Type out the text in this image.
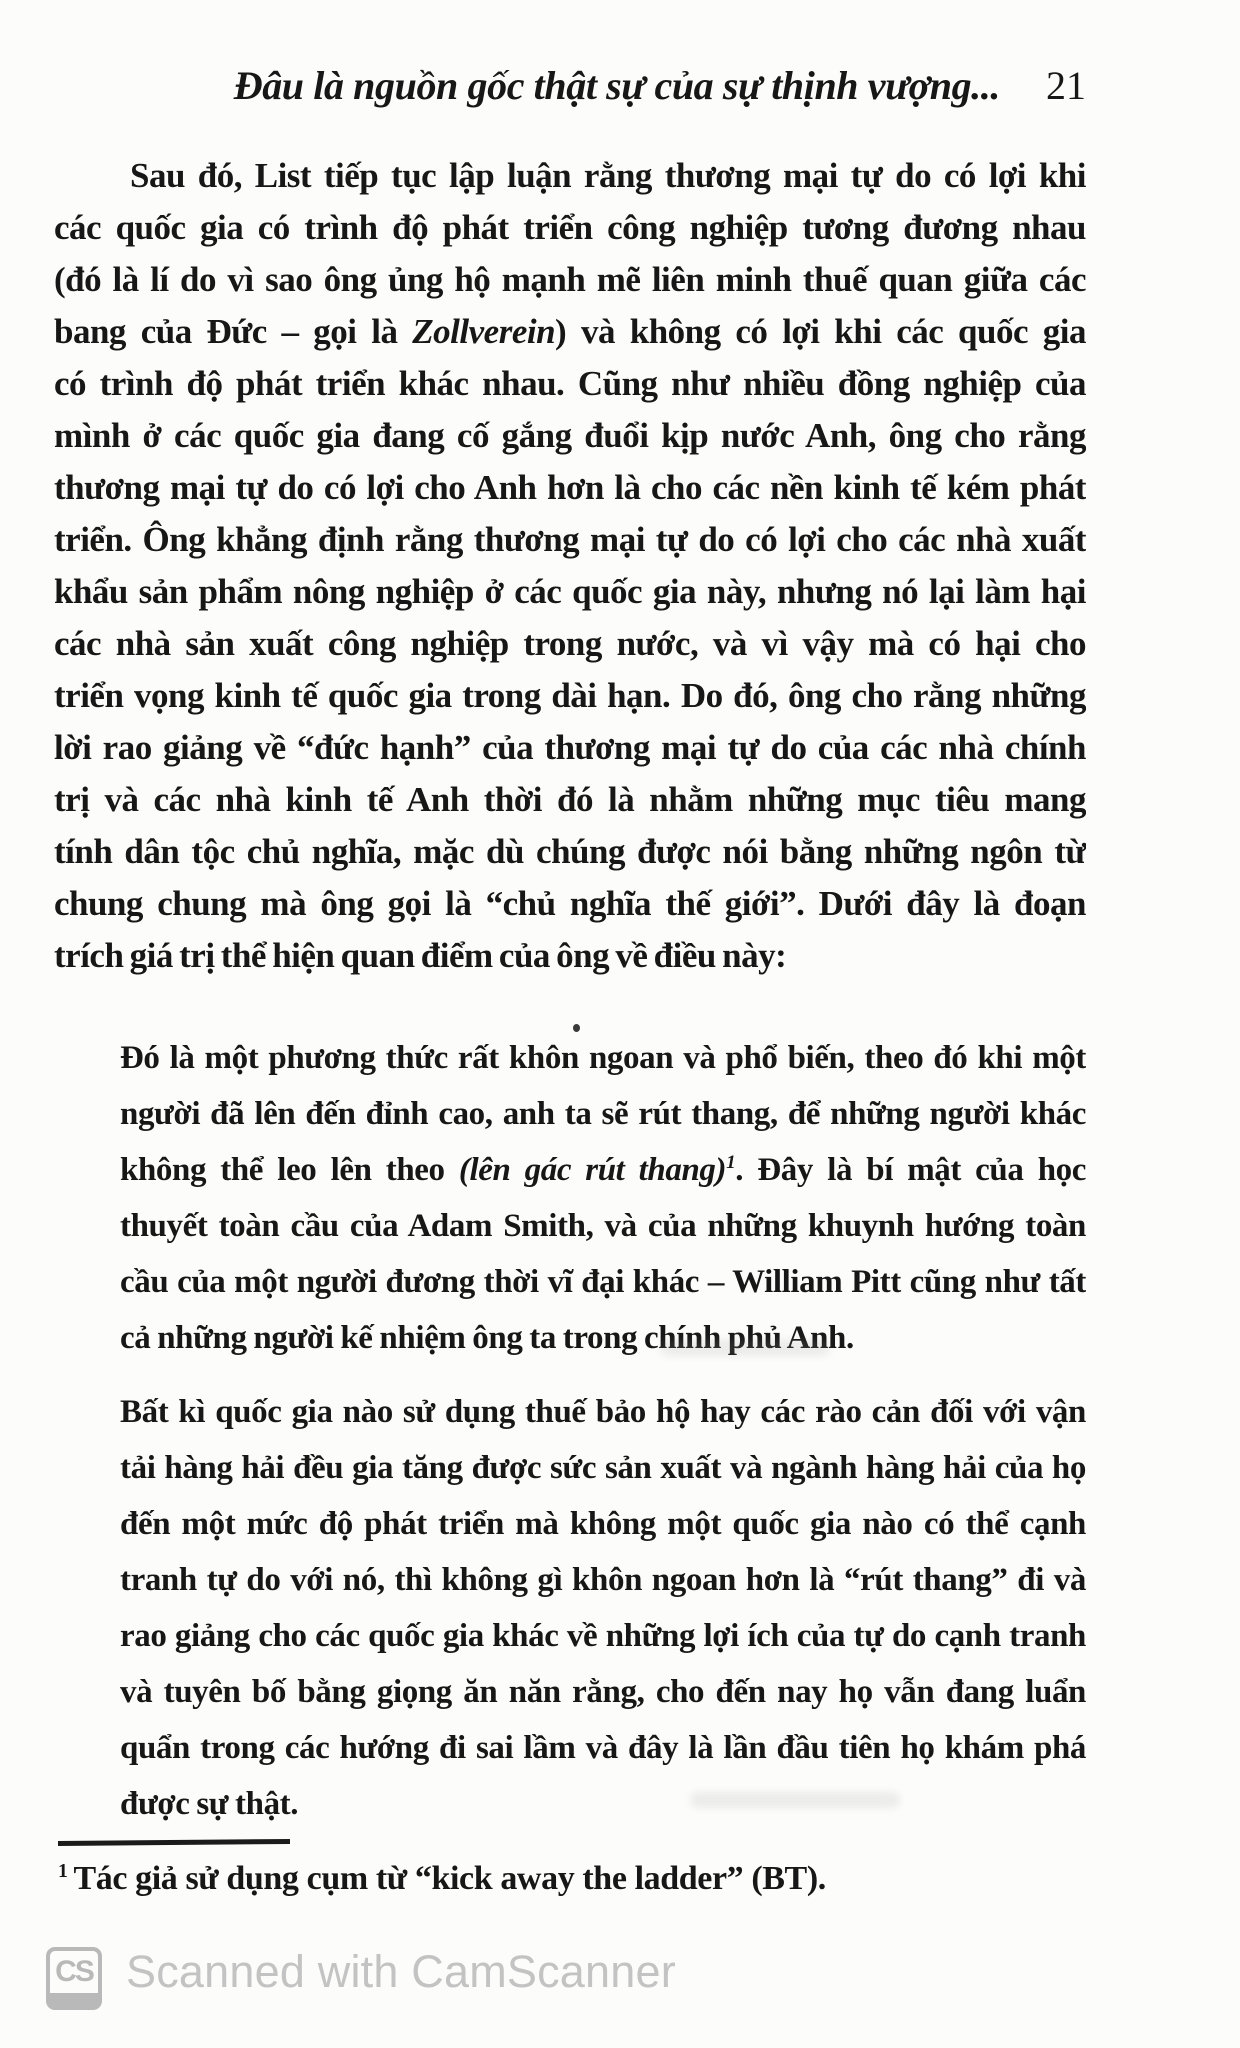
Đâu là nguồn gốc thật sự của sự thịnh vượng... 21
Sau đó, List tiếp tục lập luận rằng thương mại tự do có lợi khi
các quốc gia có trình độ phát triển công nghiệp tương đương nhau
(đó là lí do vì sao ông ủng hộ mạnh mẽ liên minh thuế quan giữa các
bang của Đức – gọi là Zollverein) và không có lợi khi các quốc gia
có trình độ phát triển khác nhau. Cũng như nhiều đồng nghiệp của
mình ở các quốc gia đang cố gắng đuổi kịp nước Anh, ông cho rằng
thương mại tự do có lợi cho Anh hơn là cho các nền kinh tế kém phát
triển. Ông khẳng định rằng thương mại tự do có lợi cho các nhà xuất
khẩu sản phẩm nông nghiệp ở các quốc gia này, nhưng nó lại làm hại
các nhà sản xuất công nghiệp trong nước, và vì vậy mà có hại cho
triển vọng kinh tế quốc gia trong dài hạn. Do đó, ông cho rằng những
lời rao giảng về “đức hạnh” của thương mại tự do của các nhà chính
trị và các nhà kinh tế Anh thời đó là nhằm những mục tiêu mang
tính dân tộc chủ nghĩa, mặc dù chúng được nói bằng những ngôn từ
chung chung mà ông gọi là “chủ nghĩa thế giới”. Dưới đây là đoạn
trích giá trị thể hiện quan điểm của ông về điều này:
Đó là một phương thức rất khôn ngoan và phổ biến, theo đó khi một
người đã lên đến đỉnh cao, anh ta sẽ rút thang, để những người khác
không thể leo lên theo (lên gác rút thang)$^1$. Đây là bí mật của học
thuyết toàn cầu của Adam Smith, và của những khuynh hướng toàn
cầu của một người đương thời vĩ đại khác – William Pitt cũng như tất
cả những người kế nhiệm ông ta trong chính phủ Anh.
Bất kì quốc gia nào sử dụng thuế bảo hộ hay các rào cản đối với vận
tải hàng hải đều gia tăng được sức sản xuất và ngành hàng hải của họ
đến một mức độ phát triển mà không một quốc gia nào có thể cạnh
tranh tự do với nó, thì không gì khôn ngoan hơn là “rút thang” đi và
rao giảng cho các quốc gia khác về những lợi ích của tự do cạnh tranh
và tuyên bố bằng giọng ăn năn rằng, cho đến nay họ vẫn đang luẩn
quẩn trong các hướng đi sai lầm và đây là lần đầu tiên họ khám phá
được sự thật.
$^1$ Tác giả sử dụng cụm từ “kick away the ladder” (BT).
CS Scanned with CamScanner
